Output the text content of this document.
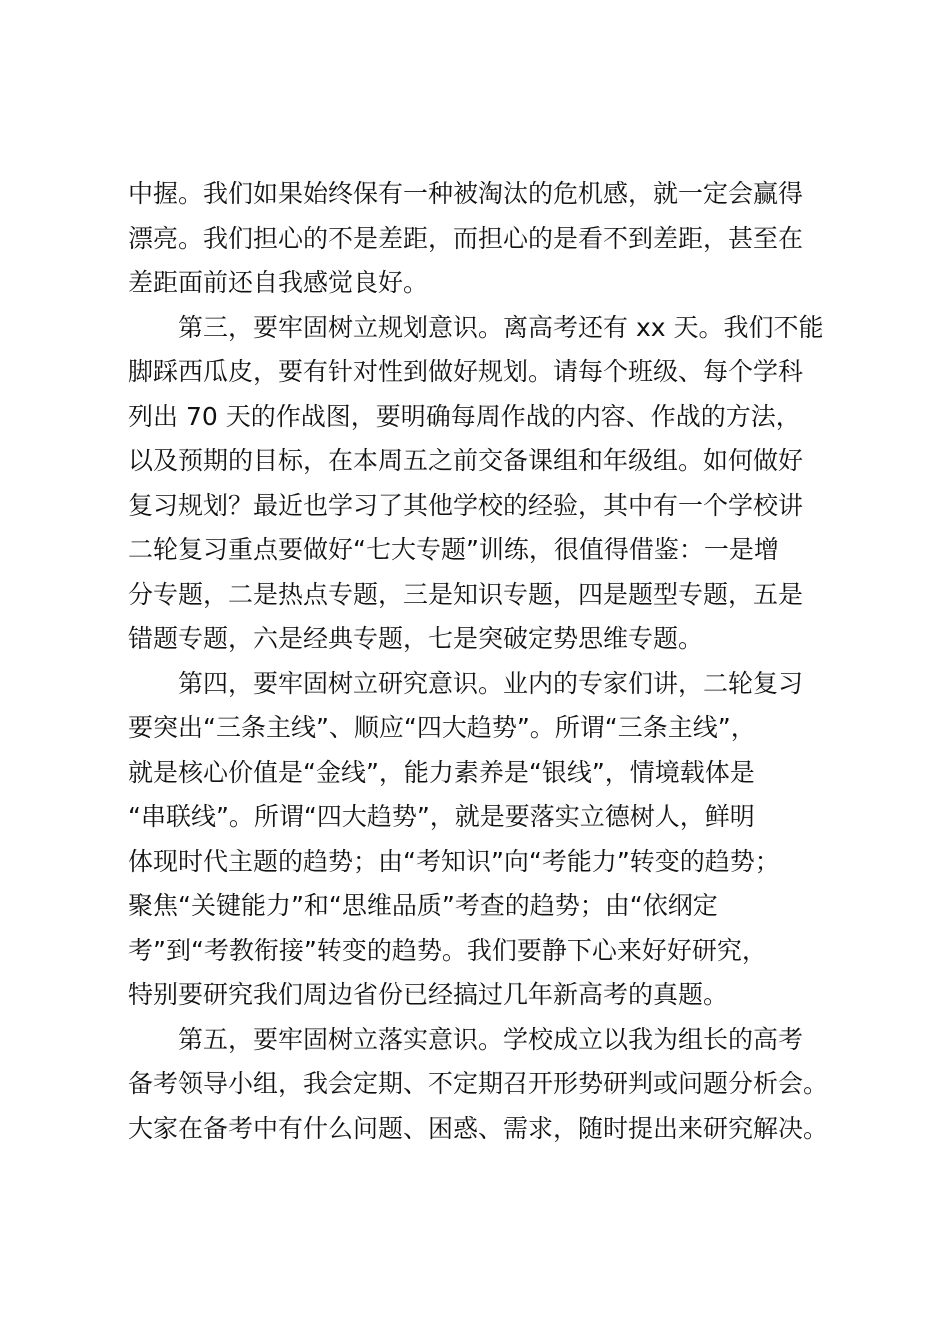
中握。我们如果始终保有一种被淘汰的危机感，就一定会赢得
漂亮。我们担心的不是差距，而担心的是看不到差距，甚至在
差距面前还自我感觉良好。
第三，要牢固树立规划意识。离高考还有 xx 天。我们不能
脚踩西瓜皮，要有针对性到做好规划。请每个班级、每个学科
列出 70 天的作战图，要明确每周作战的内容、作战的方法，
以及预期的目标，在本周五之前交备课组和年级组。如何做好
复习规划？最近也学习了其他学校的经验，其中有一个学校讲
二轮复习重点要做好“七大专题”训练，很值得借鉴：一是增
分专题，二是热点专题，三是知识专题，四是题型专题，五是
错题专题，六是经典专题，七是突破定势思维专题。
第四，要牢固树立研究意识。业内的专家们讲，二轮复习
要突出“三条主线”、顺应“四大趋势”。所谓“三条主线”，
就是核心价值是“金线”，能力素养是“银线”，情境载体是
“串联线”。所谓“四大趋势”，就是要落实立德树人，鲜明
体现时代主题的趋势；由“考知识”向“考能力”转变的趋势；
聚焦“关键能力”和“思维品质”考查的趋势；由“依纲定
考”到“考教衔接”转变的趋势。我们要静下心来好好研究，
特别要研究我们周边省份已经搞过几年新高考的真题。
第五，要牢固树立落实意识。学校成立以我为组长的高考
备考领导小组，我会定期、不定期召开形势研判或问题分析会。
大家在备考中有什么问题、困惑、需求，随时提出来研究解决。
